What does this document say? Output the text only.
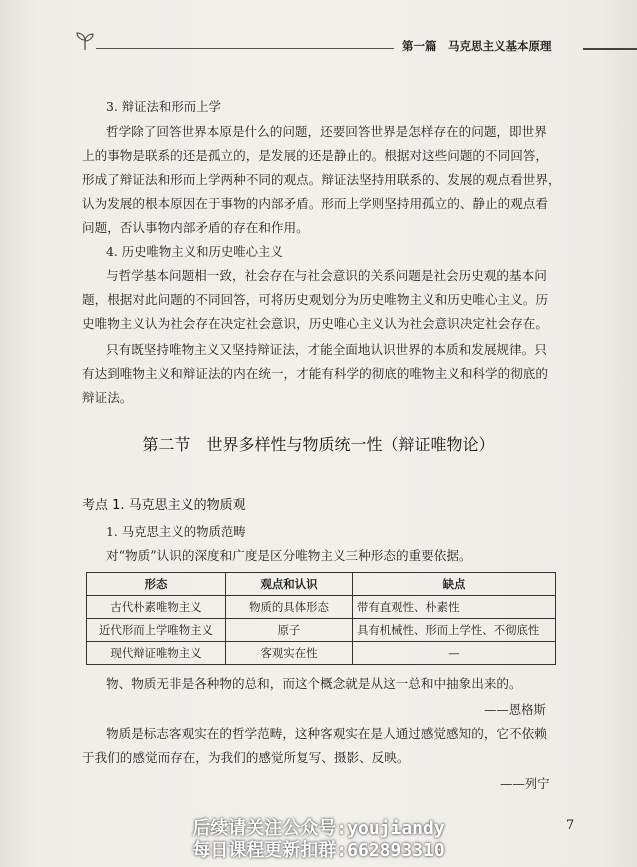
第一篇　马克思主义基本原理
3. 辩证法和形而上学
哲学除了回答世界本原是什么的问题，还要回答世界是怎样存在的问题，即世界
上的事物是联系的还是孤立的，是发展的还是静止的。根据对这些问题的不同回答，
形成了辩证法和形而上学两种不同的观点。辩证法坚持用联系的、发展的观点看世界，
认为发展的根本原因在于事物的内部矛盾。形而上学则坚持用孤立的、静止的观点看
问题，否认事物内部矛盾的存在和作用。
4. 历史唯物主义和历史唯心主义
与哲学基本问题相一致，社会存在与社会意识的关系问题是社会历史观的基本问
题，根据对此问题的不同回答，可将历史观划分为历史唯物主义和历史唯心主义。历
史唯物主义认为社会存在决定社会意识，历史唯心主义认为社会意识决定社会存在。
只有既坚持唯物主义又坚持辩证法，才能全面地认识世界的本质和发展规律。只
有达到唯物主义和辩证法的内在统一，才能有科学的彻底的唯物主义和科学的彻底的
辩证法。
第二节　世界多样性与物质统一性（辩证唯物论）
考点 1. 马克思主义的物质观
1. 马克思主义的物质范畴
对“物质”认识的深度和广度是区分唯物主义三种形态的重要依据。
形态	观点和认识	缺点
古代朴素唯物主义	物质的具体形态	带有直观性、朴素性
近代形而上学唯物主义	原子	具有机械性、形而上学性、不彻底性
现代辩证唯物主义	客观实在性	—
物、物质无非是各种物的总和，而这个概念就是从这一总和中抽象出来的。
——恩格斯
物质是标志客观实在的哲学范畴，这种客观实在是人通过感觉感知的，它不依赖
于我们的感觉而存在，为我们的感觉所复写、摄影、反映。
——列宁
后续请关注公众号:youjiandy
每日课程更新扣群:662893310
7
